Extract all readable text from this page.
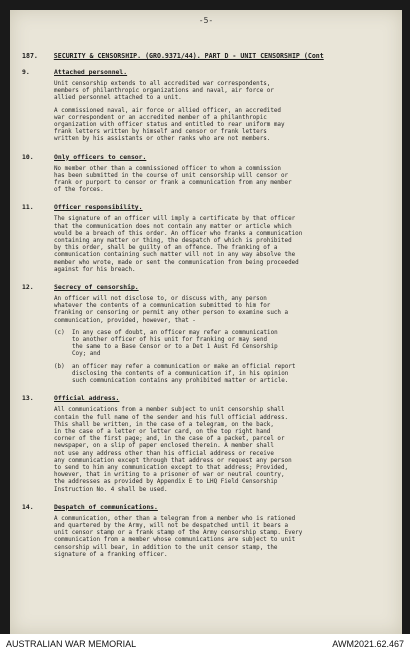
-5-
187. SECURITY & CENSORSHIP. (GRO.9371/44). PART D - UNIT CENSORSHIP (Cont
9.	Attached personnel.
Unit censorship extends to all accredited war correspondents,
members of philanthropic organizations and naval, air force or
allied personnel attached to a unit.
A commissioned naval, air force or allied officer, an accredited
war correspondent or an accredited member of a philanthropic
organization with officer status and entitled to rear uniform may
frank letters written by himself and censor or frank letters
written by his assistants or other ranks who are not members.
10.	Only officers to censor.
No member other than a commissioned officer to whom a commission
has been submitted in the course of unit censorship will censor or
frank or purport to censor or frank a communication from any member
of the forces.
11.	Officer responsibility.
The signature of an officer will imply a certificate by that officer
that the communication does not contain any matter or article which
would be a breach of this order. An officer who franks a communication
containing any matter or thing, the despatch of which is prohibited
by this order, shall be guilty of an offence. The franking of a
communication containing such matter will not in any way absolve the
member who wrote, made or sent the communication from being proceeded
against for his breach.
12.	Secrecy of censorship.
An officer will not disclose to, or discuss with, any person
whatever the contents of a communication submitted to him for
franking or censoring or permit any other person to examine such a
communication, provided, however, that -
(c)	In any case of doubt, an officer may refer a communication
to another officer of his unit for franking or may send
the same to a Base Censor or to a Det 1 Aust Fd Censorship
Coy; and
(b)	an officer may refer a communication or make an official report
disclosing the contents of a communication if, in his opinion
such communication contains any prohibited matter or article.
13.	Official address.
All communications from a member subject to unit censorship shall
contain the full name of the sender and his full official address.
This shall be written, in the case of a telegram, on the back,
in the case of a letter or letter card, on the top right hand
corner of the first page; and, in the case of a packet, parcel or
newspaper, on a slip of paper enclosed therein. A member shall
not use any address other than his official address or receive
any communication except through that address or request any person
to send to him any communication except to that address; Provided,
however, that in writing to a prisoner of war or neutral country,
the addresses as provided by Appendix E to LHQ Field Censorship
Instruction No. 4 shall be used.
14.	Despatch of communications.
A communication, other than a telegram from a member who is rationed
and quartered by the Army, will not be despatched until it bears a
unit censor stamp or a frank stamp of the Army censorship stamp. Every
communication from a member whose communications are subject to unit
censorship will bear, in addition to the unit censor stamp, the
signature of a franking officer.
AUSTRALIAN WAR MEMORIAL	AWM2021.62.467
